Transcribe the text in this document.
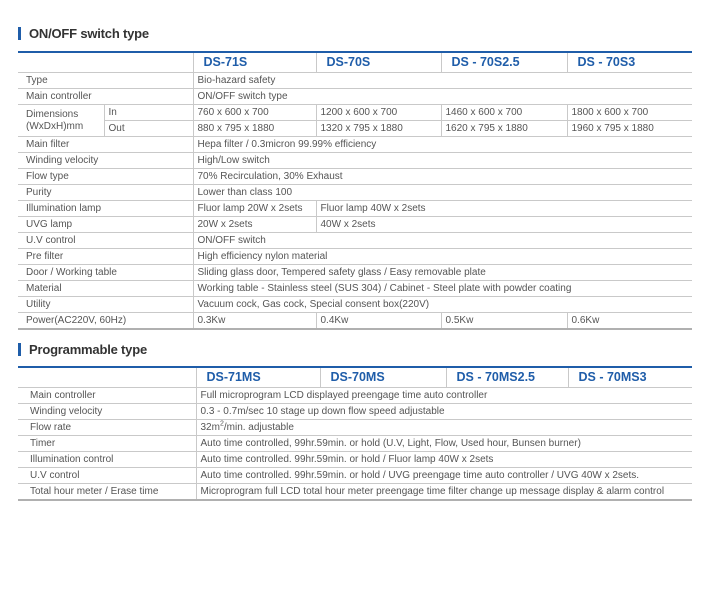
ON/OFF switch type
		DS-71S	DS-70S	DS - 70S2.5	DS - 70S3
Type		Bio-hazard safety			
Main controller		ON/OFF switch type			
Dimensions (WxDxH)mm	In	760 x 600 x 700	1200 x 600 x 700	1460 x 600 x 700	1800 x 600 x 700
	Out	880 x 795 x 1880	1320 x 795 x 1880	1620 x 795 x 1880	1960 x 795 x 1880
Main filter		Hepa filter / 0.3micron 99.99% efficiency			
Winding velocity		High/Low switch			
Flow type		70% Recirculation, 30% Exhaust			
Purity		Lower than class 100			
Illumination lamp		Fluor lamp 20W x 2sets	Fluor lamp 40W x 2sets		
UVG lamp		20W x 2sets	40W x 2sets		
U.V control		ON/OFF switch			
Pre filter		High efficiency nylon material			
Door / Working table		Sliding glass door, Tempered safety glass / Easy removable plate			
Material		Working table - Stainless steel (SUS 304) / Cabinet - Steel plate with powder coating			
Utility		Vacuum cock, Gas cock, Special consent box(220V)			
Power(AC220V, 60Hz)		0.3Kw	0.4Kw	0.5Kw	0.6Kw
Programmable type
	DS-71MS	DS-70MS	DS - 70MS2.5	DS - 70MS3
Main controller	Full microprogram LCD displayed preengage time auto controller			
Winding velocity	0.3 - 0.7m/sec 10 stage up down flow speed adjustable			
Flow rate	$32m^2/\min$. adjustable			
Timer	Auto time controlled, 99hr.59min. or hold (U.V, Light, Flow, Used hour, Bunsen burner)			
Illumination control	Auto time controlled. 99hr.59min. or hold / Fluor lamp 40W x 2sets			
U.V control	Auto time controlled. 99hr.59min. or hold / UVG preengage time auto controller / UVG 40W x 2sets.			
Total hour meter / Erase time	Microprogram full LCD total hour meter preengage time filter change up message display & alarm control			
